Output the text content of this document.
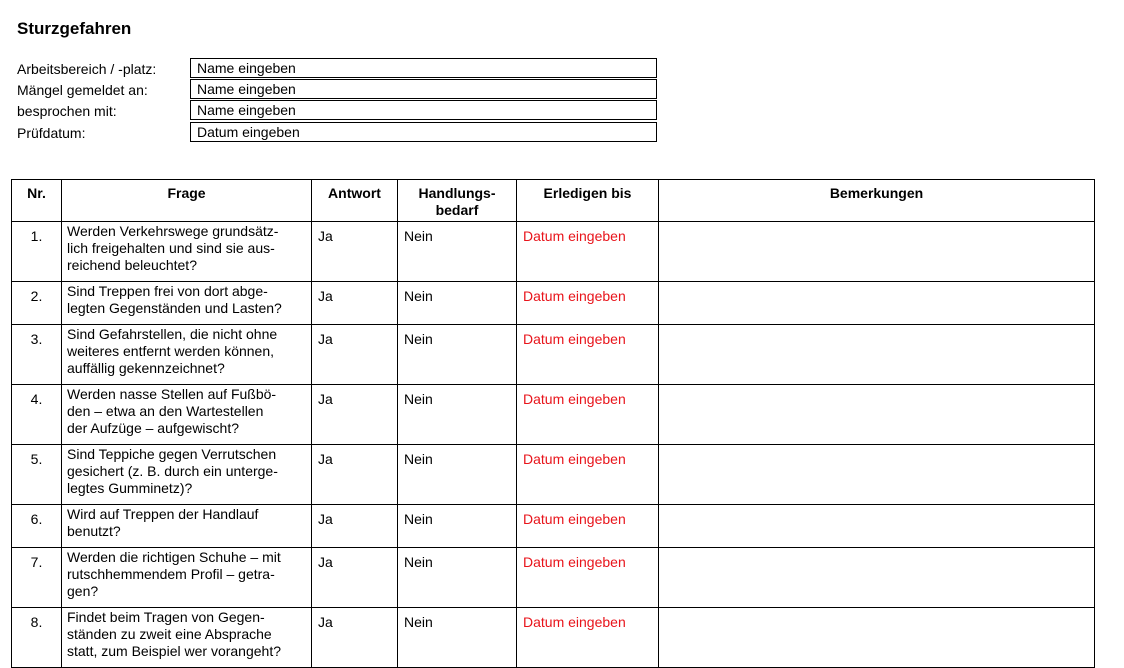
Sturzgefahren
Arbeitsbereich / -platz:	Name eingeben
Mängel gemeldet an:	Name eingeben
besprochen mit:	Name eingeben
Prüfdatum:	Datum eingeben
Nr.	Frage	Antwort	Handlungs-
bedarf	Erledigen bis	Bemerkungen
1.	Werden Verkehrswege grundsätz-
lich freigehalten und sind sie aus-
reichend beleuchtet?	Ja	Nein	Datum eingeben	
2.	Sind Treppen frei von dort abge-
legten Gegenständen und Lasten?	Ja	Nein	Datum eingeben	
3.	Sind Gefahrstellen, die nicht ohne
weiteres entfernt werden können,
auffällig gekennzeichnet?	Ja	Nein	Datum eingeben	
4.	Werden nasse Stellen auf Fußbö-
den – etwa an den Wartestellen
der Aufzüge – aufgewischt?	Ja	Nein	Datum eingeben	
5.	Sind Teppiche gegen Verrutschen
gesichert (z. B. durch ein unterge-
legtes Gumminetz)?	Ja	Nein	Datum eingeben	
6.	Wird auf Treppen der Handlauf
benutzt?	Ja	Nein	Datum eingeben	
7.	Werden die richtigen Schuhe – mit
rutschhemmendem Profil – getra-
gen?	Ja	Nein	Datum eingeben	
8.	Findet beim Tragen von Gegen-
ständen zu zweit eine Absprache
statt, zum Beispiel wer vorangeht?	Ja	Nein	Datum eingeben	
